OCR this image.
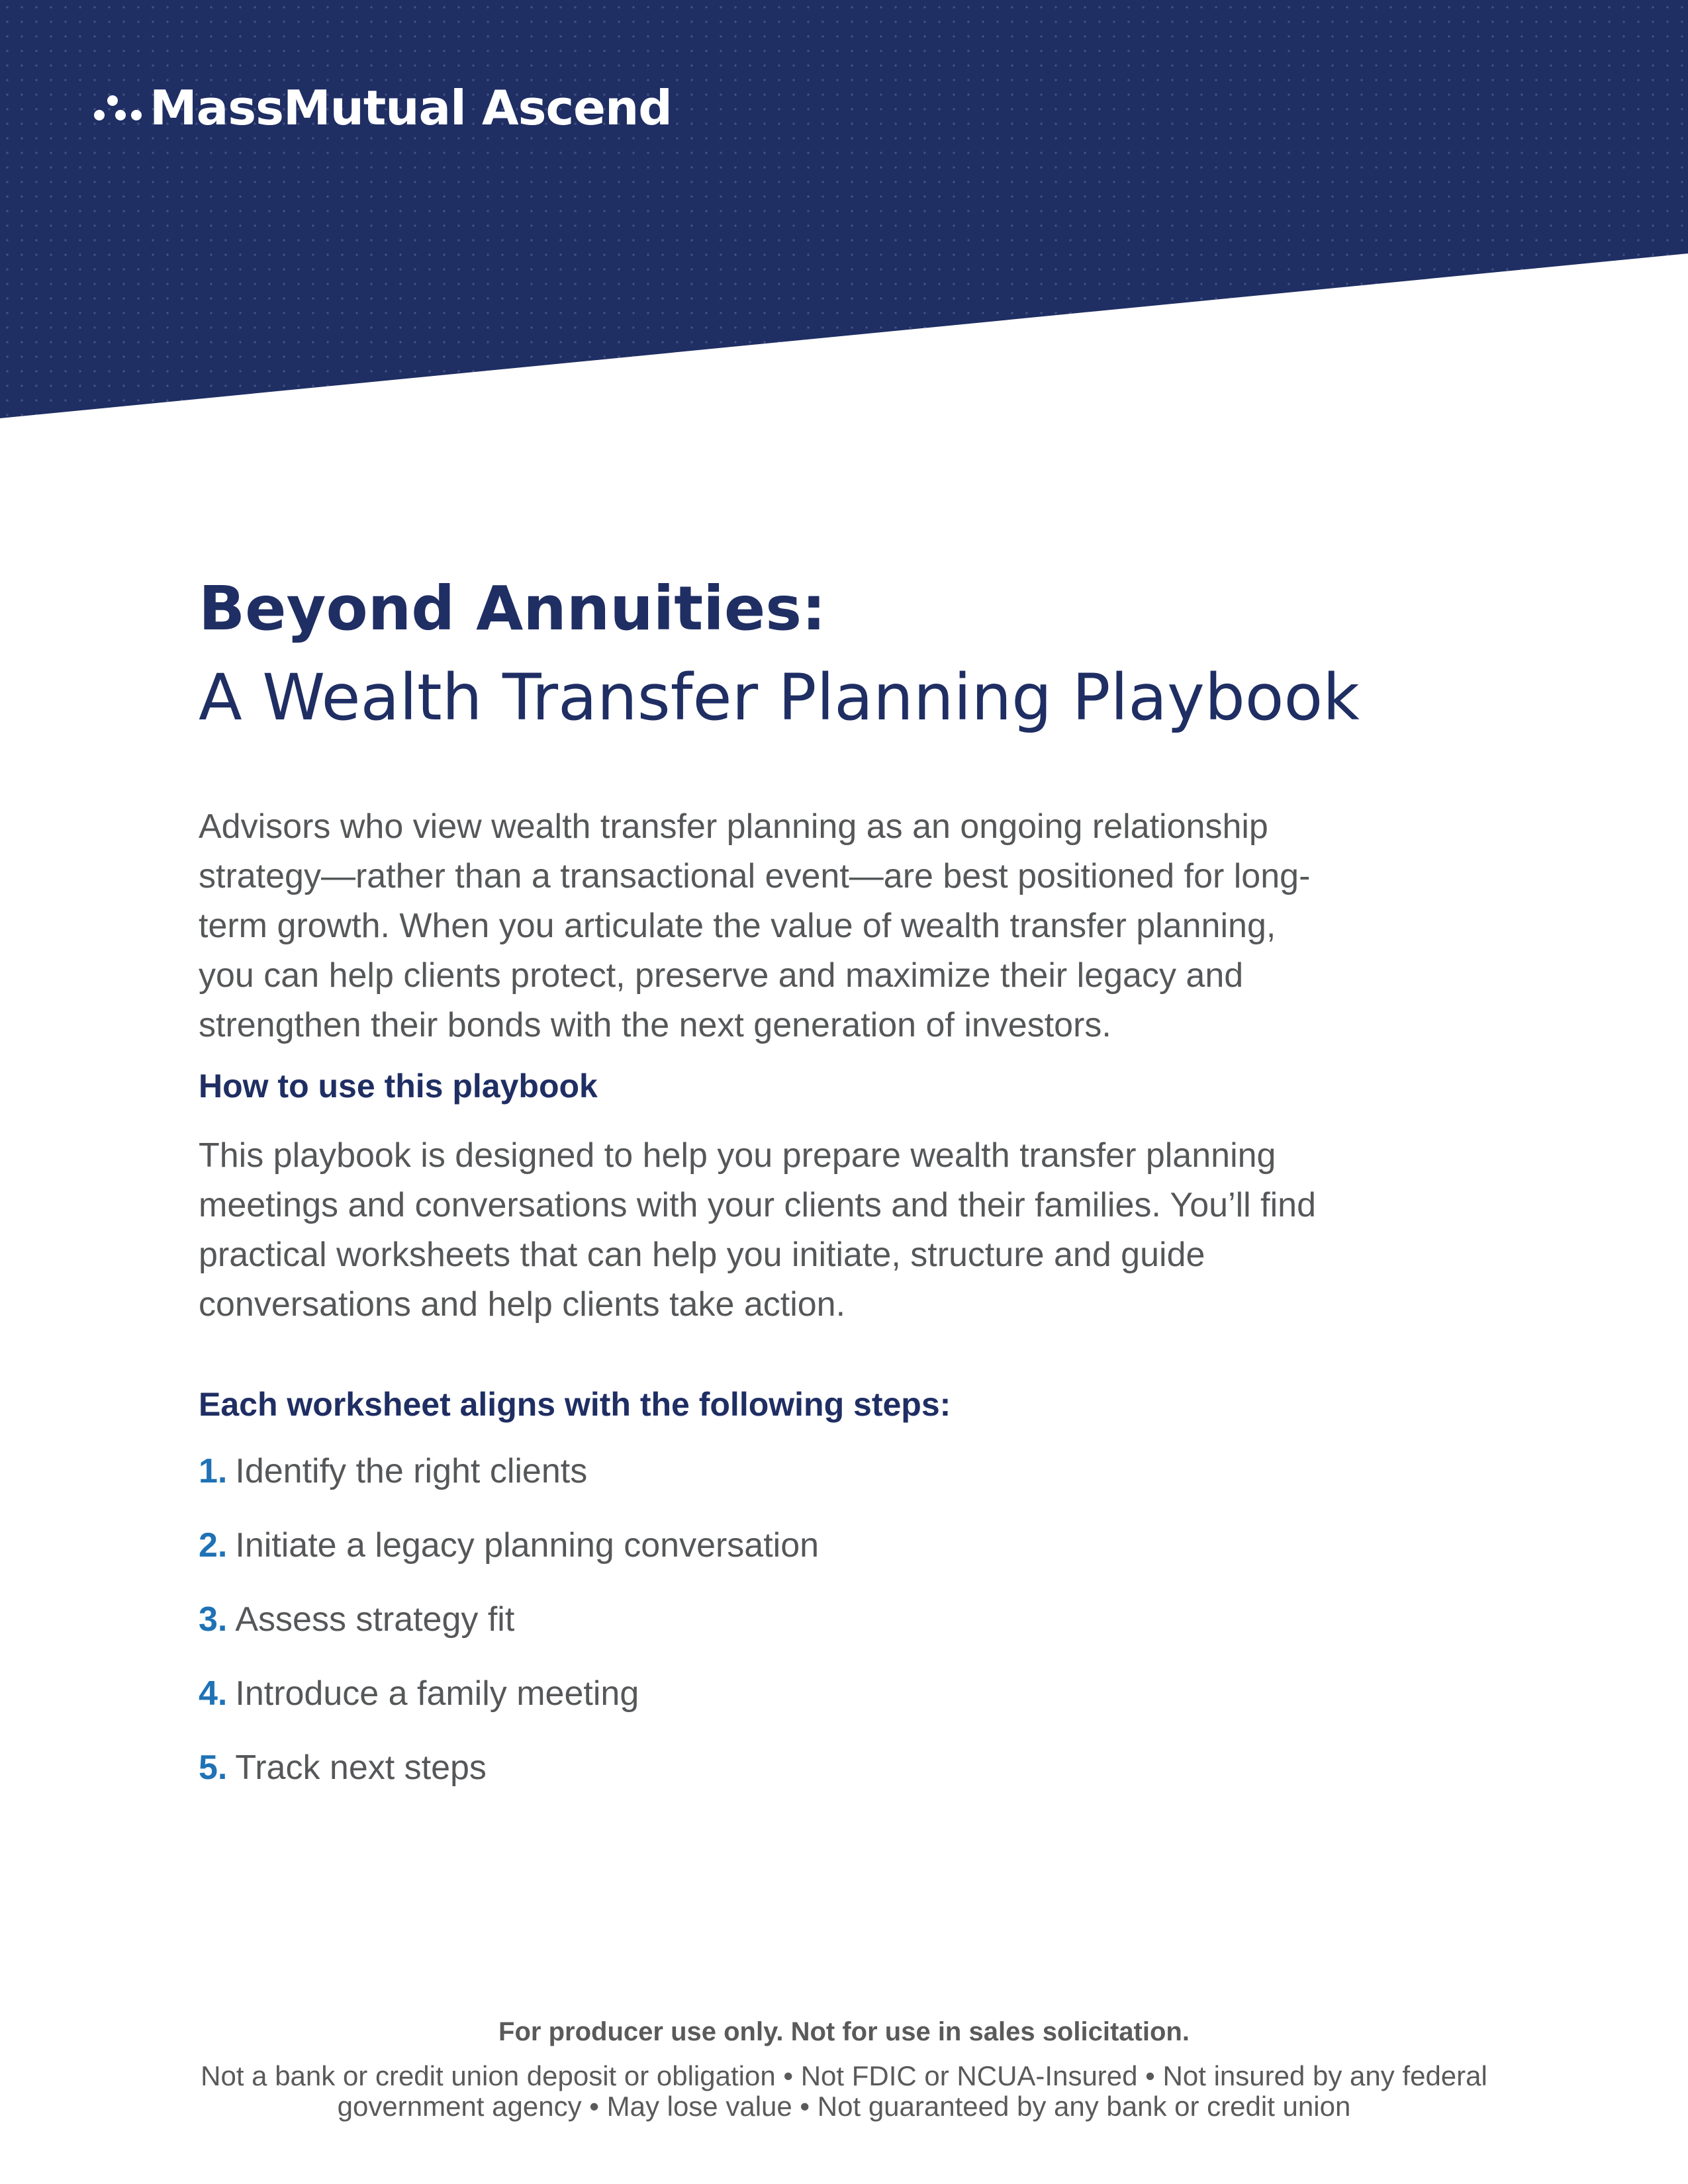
MassMutual Ascend
Beyond Annuities:
A Wealth Transfer Planning Playbook

Advisors who view wealth transfer planning as an ongoing relationship strategy—rather than a transactional event—are best positioned for long-term growth. When you articulate the value of wealth transfer planning, you can help clients protect, preserve and maximize their legacy and strengthen their bonds with the next generation of investors.

How to use this playbook

This playbook is designed to help you prepare wealth transfer planning meetings and conversations with your clients and their families. You’ll find practical worksheets that can help you initiate, structure and guide conversations and help clients take action.

Each worksheet aligns with the following steps:
1. Identify the right clients
2. Initiate a legacy planning conversation
3. Assess strategy fit
4. Introduce a family meeting
5. Track next steps

For producer use only. Not for use in sales solicitation.

Not a bank or credit union deposit or obligation • Not FDIC or NCUA-Insured • Not insured by any federal government agency • May lose value • Not guaranteed by any bank or credit union
